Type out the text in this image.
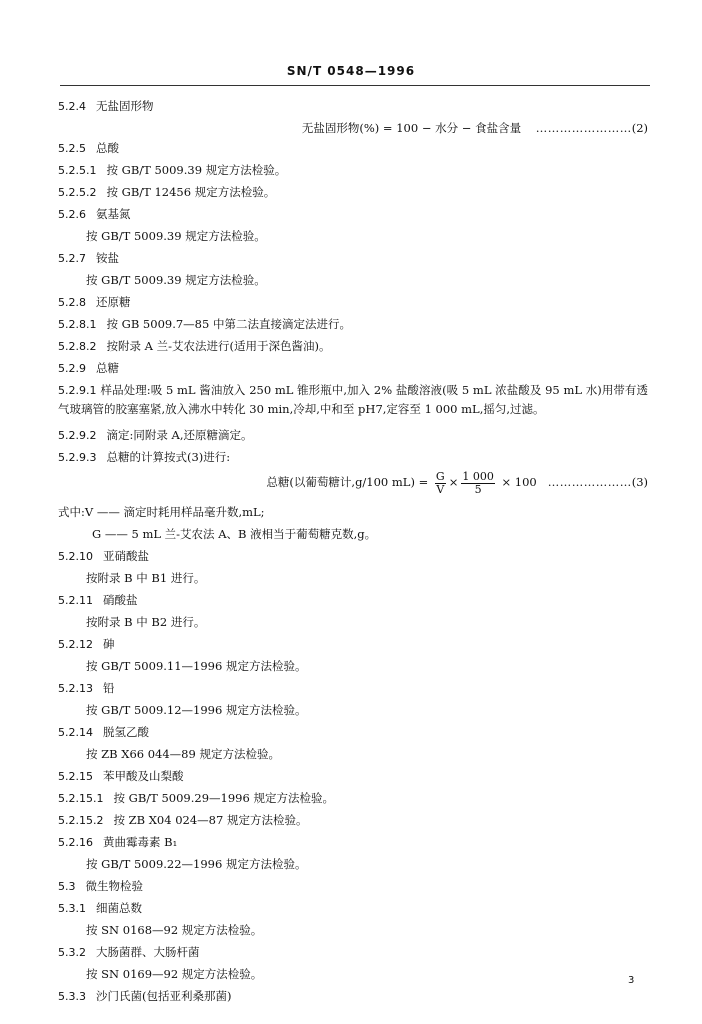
SN/T 0548—1996
5.2.4 无盐固形物
无盐固形物(%) = 100 − 水分 − 食盐含量 ……………………(2)
5.2.5 总酸
5.2.5.1 按 GB/T 5009.39 规定方法检验。
5.2.5.2 按 GB/T 12456 规定方法检验。
5.2.6 氨基氮
按 GB/T 5009.39 规定方法检验。
5.2.7 铵盐
按 GB/T 5009.39 规定方法检验。
5.2.8 还原糖
5.2.8.1 按 GB 5009.7—85 中第二法直接滴定法进行。
5.2.8.2 按附录 A 兰-艾农法进行(适用于深色酱油)。
5.2.9 总糖

5.2.9.1 样品处理:吸 5 mL 酱油放入 250 mL 锥形瓶中,加入 2% 盐酸溶液(吸 5 mL 浓盐酸及 95 mL 水)用带有透气玻璃管的胶塞塞紧,放入沸水中转化 30 min,冷却,中和至 pH7,定容至 1 000 mL,摇匀,过滤。
5.2.9.2 滴定:同附录 A,还原糖滴定。
5.2.9.3 总糖的计算按式(3)进行:
总糖(以葡萄糖计,g/100 $mL) = \frac{G}{V} \times \frac{1 000}{5} \times 100$ …………………(3)
式中:V —— 滴定时耗用样品毫升数,mL;
G —— 5 mL 兰-艾农法 A、B 液相当于葡萄糖克数,g。
5.2.10 亚硝酸盐
按附录 B 中 B1 进行。
5.2.11 硝酸盐
按附录 B 中 B2 进行。
5.2.12 砷
按 GB/T 5009.11—1996 规定方法检验。
5.2.13 铅
按 GB/T 5009.12—1996 规定方法检验。
5.2.14 脱氢乙酸
按 ZB X66 044—89 规定方法检验。
5.2.15 苯甲酸及山梨酸
5.2.15.1 按 GB/T 5009.29—1996 规定方法检验。
5.2.15.2 按 ZB X04 024—87 规定方法检验。
5.2.16 黄曲霉毒素 B₁
按 GB/T 5009.22—1996 规定方法检验。
5.3 微生物检验
5.3.1 细菌总数
按 SN 0168—92 规定方法检验。
5.3.2 大肠菌群、大肠杆菌
按 SN 0169—92 规定方法检验。
5.3.3 沙门氏菌(包括亚利桑那菌)
3
